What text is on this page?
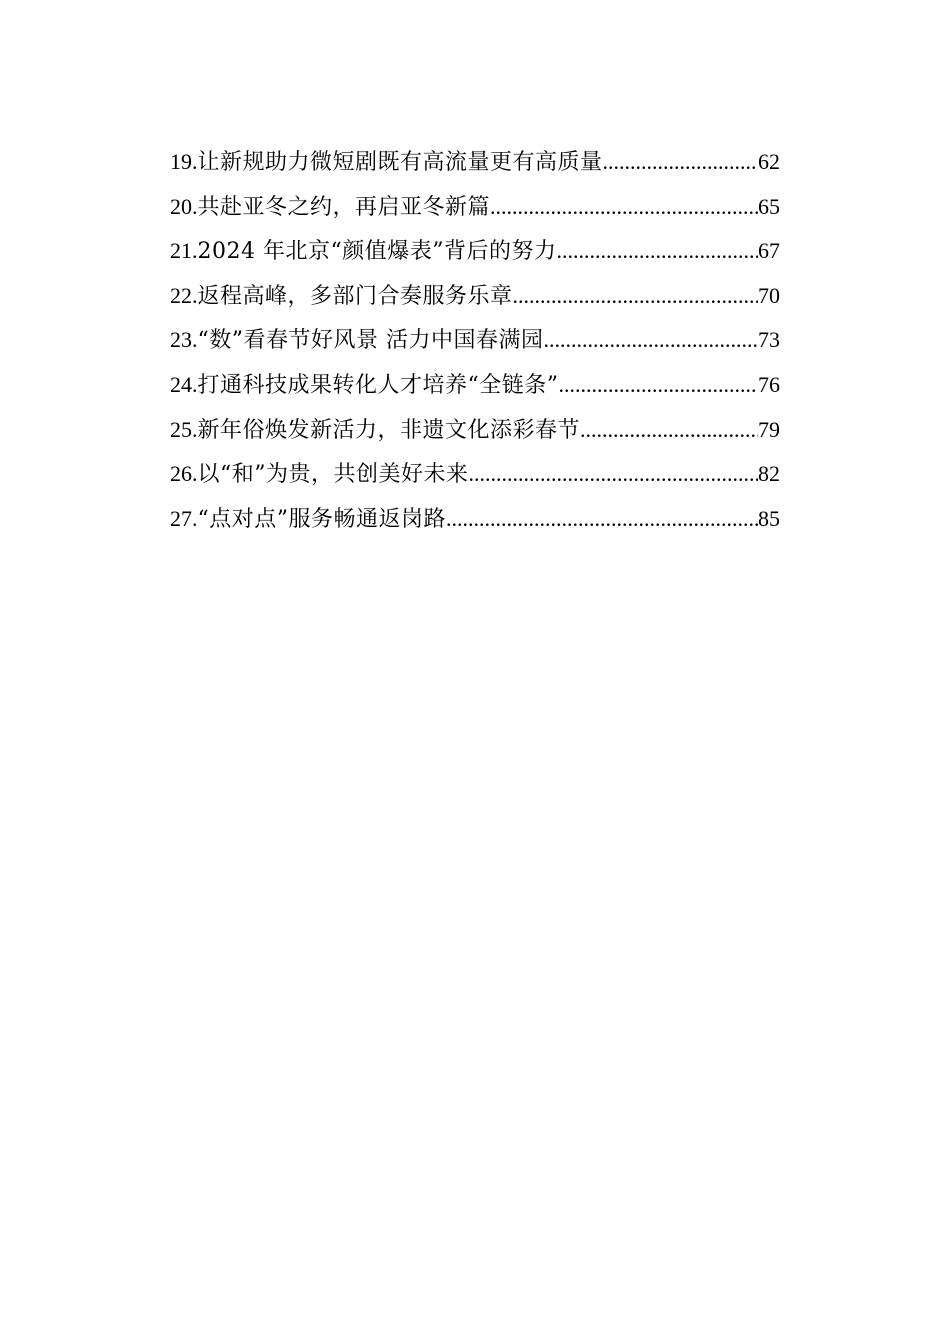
19. 让新规助力微短剧既有高流量更有高质量 .....	62
20. 共赴亚冬之约，再启亚冬新篇 .....	65
21. 2024 年北京“颜值爆表”背后的努力 .....	67
22. 返程高峰，多部门合奏服务乐章 .....	70
23. “数”看春节好风景 活力中国春满园 .....	73
24. 打通科技成果转化人才培养“全链条” .....	76
25. 新年俗焕发新活力，非遗文化添彩春节 .....	79
26. 以“和”为贵，共创美好未来 .....	82
27. “点对点”服务畅通返岗路 .....	85
